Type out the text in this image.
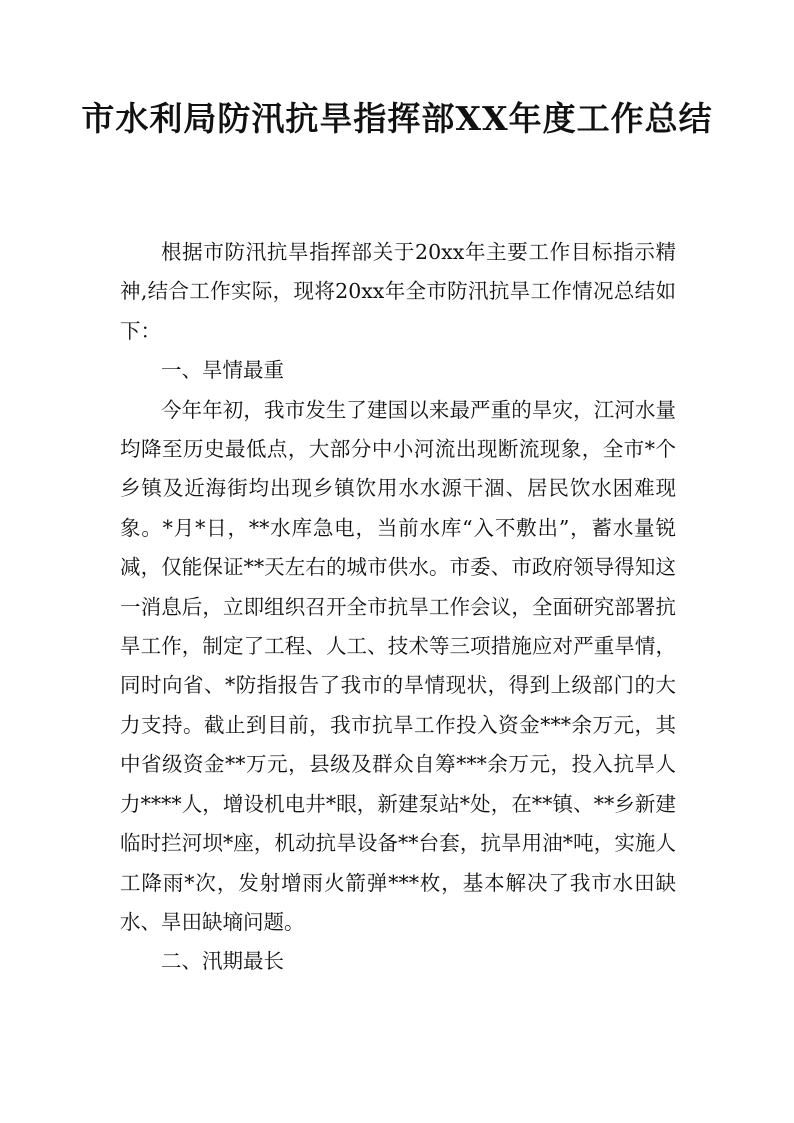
市水利局防汛抗旱指挥部XX年度工作总结

根据市防汛抗旱指挥部关于20xx年主要工作目标指示精神,结合工作实际，现将20xx年全市防汛抗旱工作情况总结如下：

一、旱情最重

今年年初，我市发生了建国以来最严重的旱灾，江河水量均降至历史最低点，大部分中小河流出现断流现象，全市*个乡镇及近海街均出现乡镇饮用水水源干涸、居民饮水困难现象。*月*日，**水库急电，当前水库“入不敷出”，蓄水量锐减，仅能保证**天左右的城市供水。市委、市政府领导得知这一消息后，立即组织召开全市抗旱工作会议，全面研究部署抗旱工作，制定了工程、人工、技术等三项措施应对严重旱情，同时向省、*防指报告了我市的旱情现状，得到上级部门的大力支持。截止到目前，我市抗旱工作投入资金***余万元，其中省级资金**万元，县级及群众自筹***余万元，投入抗旱人力****人，增设机电井*眼，新建泵站*处，在**镇、**乡新建临时拦河坝*座，机动抗旱设备**台套，抗旱用油*吨，实施人工降雨*次，发射增雨火箭弹***枚，基本解决了我市水田缺水、旱田缺墒问题。

二、汛期最长
